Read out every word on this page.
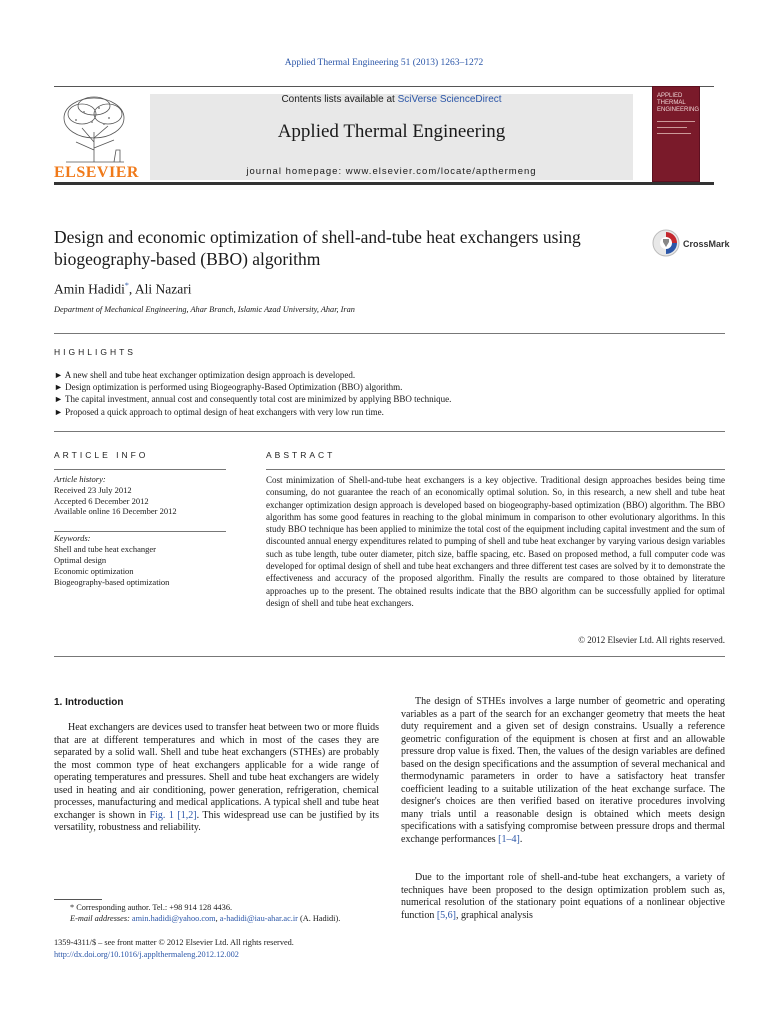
Applied Thermal Engineering 51 (2013) 1263–1272
ELSEVIER
Contents lists available at SciVerse ScienceDirect
Applied Thermal Engineering
journal homepage: www.elsevier.com/locate/apthermeng
APPLIED
THERMAL
ENGINEERING
Design and economic optimization of shell-and-tube heat exchangers using biogeography-based (BBO) algorithm
CrossMark
Amin Hadidi*, Ali Nazari
Department of Mechanical Engineering, Ahar Branch, Islamic Azad University, Ahar, Iran
HIGHLIGHTS
► A new shell and tube heat exchanger optimization design approach is developed.
► Design optimization is performed using Biogeography-Based Optimization (BBO) algorithm.
► The capital investment, annual cost and consequently total cost are minimized by applying BBO technique.
► Proposed a quick approach to optimal design of heat exchangers with very low run time.
ARTICLE INFO
Article history:
Received 23 July 2012
Accepted 6 December 2012
Available online 16 December 2012
Keywords:
Shell and tube heat exchanger
Optimal design
Economic optimization
Biogeography-based optimization
ABSTRACT
Cost minimization of Shell-and-tube heat exchangers is a key objective. Traditional design approaches besides being time consuming, do not guarantee the reach of an economically optimal solution. So, in this research, a new shell and tube heat exchanger optimization design approach is developed based on biogeography-based optimization (BBO) algorithm. The BBO algorithm has some good features in reaching to the global minimum in comparison to other evolutionary algorithms. In this study BBO technique has been applied to minimize the total cost of the equipment including capital investment and the sum of discounted annual energy expenditures related to pumping of shell and tube heat exchanger by varying various design variables such as tube length, tube outer diameter, pitch size, baffle spacing, etc. Based on proposed method, a full computer code was developed for optimal design of shell and tube heat exchangers and three different test cases are solved by it to demonstrate the effectiveness and accuracy of the proposed algorithm. Finally the results are compared to those obtained by literature approaches up to the present. The obtained results indicate that the BBO algorithm can be successfully applied for optimal design of shell and tube heat exchangers.
© 2012 Elsevier Ltd. All rights reserved.
1. Introduction
Heat exchangers are devices used to transfer heat between two or more fluids that are at different temperatures and which in most of the cases they are separated by a solid wall. Shell and tube heat exchangers (STHEs) are probably the most common type of heat exchangers applicable for a wide range of operating temperatures and pressures. Shell and tube heat exchangers are widely used in heating and air conditioning, power generation, refrigeration, chemical processes, manufacturing and medical applications. A typical shell and tube heat exchanger is shown in Fig. 1 [1,2]. This widespread use can be justified by its versatility, robustness and reliability.
The design of STHEs involves a large number of geometric and operating variables as a part of the search for an exchanger geometry that meets the heat duty requirement and a given set of design constrains. Usually a reference geometric configuration of the equipment is chosen at first and an allowable pressure drop value is fixed. Then, the values of the design variables are defined based on the design specifications and the assumption of several mechanical and thermodynamic parameters in order to have a satisfactory heat transfer coefficient leading to a suitable utilization of the heat exchange surface. The designer's choices are then verified based on iterative procedures involving many trials until a reasonable design is obtained which meets design specifications with a satisfying compromise between pressure drops and thermal exchange performances [1–4].
Due to the important role of shell-and-tube heat exchangers, a variety of techniques have been proposed to the design optimization problem such as, numerical resolution of the stationary point equations of a nonlinear objective function [5,6], graphical analysis
* Corresponding author. Tel.: +98 914 128 4436.
E-mail addresses: amin.hadidi@yahoo.com, a-hadidi@iau-ahar.ac.ir (A. Hadidi).
1359-4311/$ – see front matter © 2012 Elsevier Ltd. All rights reserved.
http://dx.doi.org/10.1016/j.applthermaleng.2012.12.002
